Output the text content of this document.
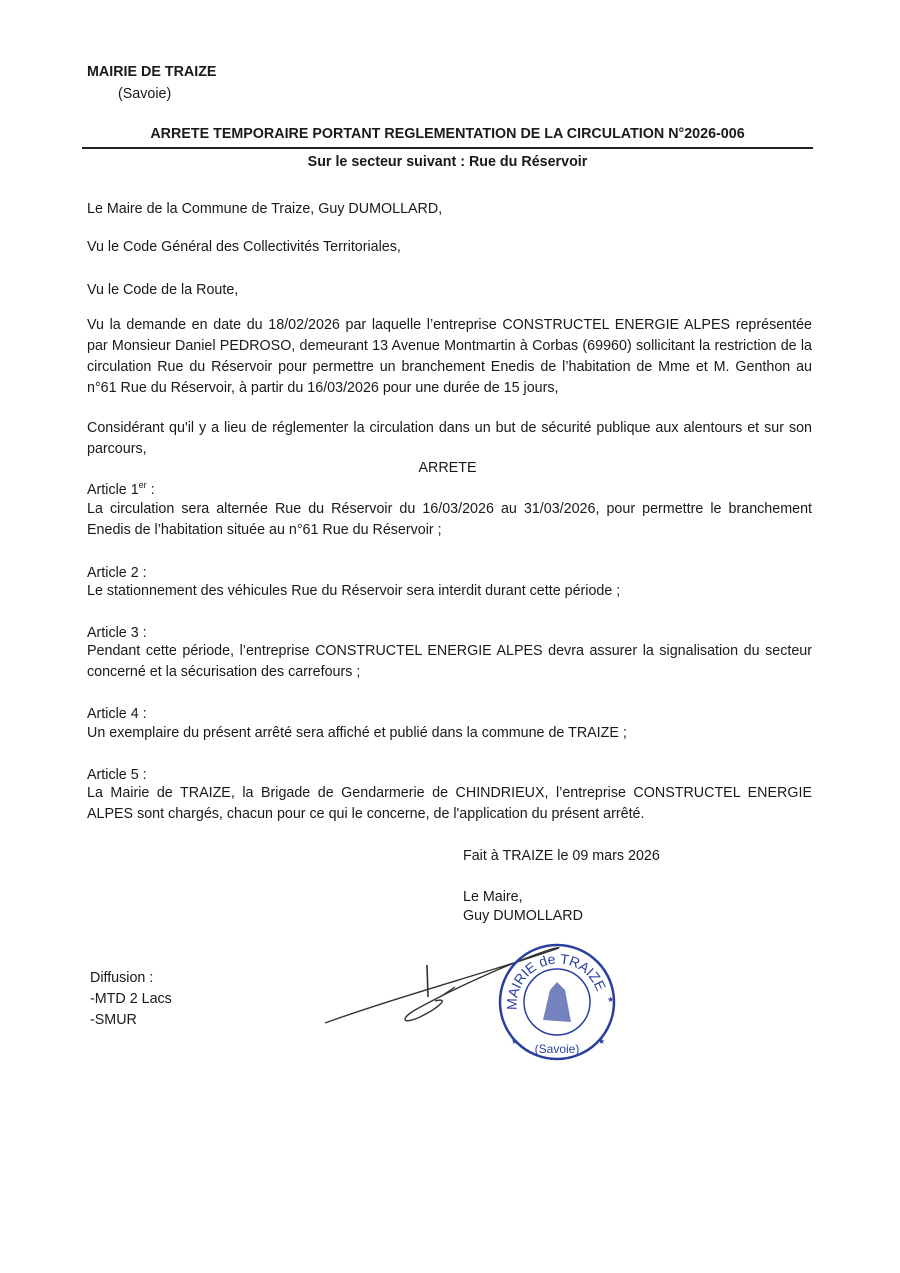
MAIRIE DE TRAIZE
(Savoie)
ARRETE TEMPORAIRE PORTANT REGLEMENTATION DE LA CIRCULATION N°2026-006
Sur le secteur suivant : Rue du Réservoir
Le Maire de la Commune de Traize, Guy DUMOLLARD,
Vu le Code Général des Collectivités Territoriales,
Vu le Code de la Route,
Vu la demande en date du 18/02/2026 par laquelle l’entreprise CONSTRUCTEL ENERGIE ALPES représentée par Monsieur Daniel PEDROSO, demeurant 13 Avenue Montmartin à Corbas (69960) sollicitant la restriction de la circulation Rue du Réservoir pour permettre un branchement Enedis de l’habitation de Mme et M. Genthon au n°61 Rue du Réservoir, à partir du 16/03/2026 pour une durée de 15 jours,
Considérant qu'il y a lieu de réglementer la circulation dans un but de sécurité publique aux alentours et sur son parcours,
ARRETE
Article 1er :
La circulation sera alternée Rue du Réservoir du 16/03/2026 au 31/03/2026, pour permettre le branchement Enedis de l’habitation située au n°61 Rue du Réservoir ;
Article 2 :
Le stationnement des véhicules Rue du Réservoir sera interdit durant cette période ;
Article 3 :
Pendant cette période, l’entreprise CONSTRUCTEL ENERGIE ALPES devra assurer la signalisation du secteur concerné et la sécurisation des carrefours ;
Article 4 :
Un exemplaire du présent arrêté sera affiché et publié dans la commune de TRAIZE ;
Article 5 :
La Mairie de TRAIZE, la Brigade de Gendarmerie de CHINDRIEUX, l’entreprise CONSTRUCTEL ENERGIE ALPES sont chargés, chacun pour ce qui le concerne, de l'application du présent arrêté.
Fait à TRAIZE le 09 mars 2026
Le Maire,
Guy DUMOLLARD
Diffusion :
-MTD 2 Lacs
-SMUR
MAIRIE de TRAIZE
(Savoie)
★	★
★
